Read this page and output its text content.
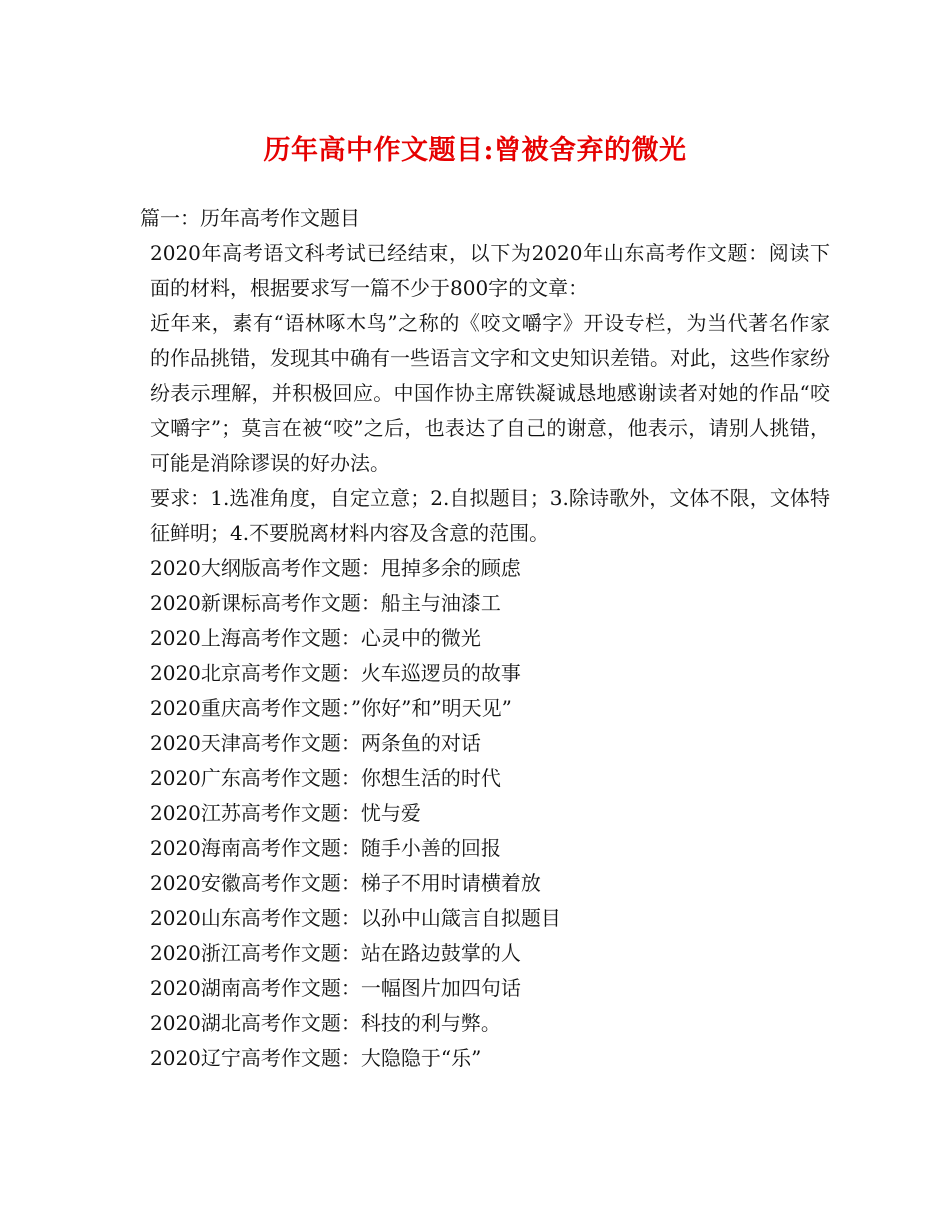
历年高中作文题目:曾被舍弃的微光

篇一：历年高考作文题目

2020年高考语文科考试已经结束，以下为2020年山东高考作文题：阅读下面的材料，根据要求写一篇不少于800字的文章：

近年来，素有“语林啄木鸟”之称的《咬文嚼字》开设专栏，为当代著名作家的作品挑错，发现其中确有一些语言文字和文史知识差错。对此，这些作家纷纷表示理解，并积极回应。中国作协主席铁凝诚恳地感谢读者对她的作品“咬文嚼字”；莫言在被“咬”之后，也表达了自己的谢意，他表示，请别人挑错，可能是消除谬误的好办法。

要求：1.选准角度，自定立意；2.自拟题目；3.除诗歌外，文体不限，文体特征鲜明；4.不要脱离材料内容及含意的范围。

2020大纲版高考作文题：甩掉多余的顾虑

2020新课标高考作文题：船主与油漆工

2020上海高考作文题：心灵中的微光

2020北京高考作文题：火车巡逻员的故事

2020重庆高考作文题：”你好”和”明天见”

2020天津高考作文题：两条鱼的对话

2020广东高考作文题：你想生活的时代

2020江苏高考作文题：忧与爱

2020海南高考作文题：随手小善的回报

2020安徽高考作文题：梯子不用时请横着放

2020山东高考作文题：以孙中山箴言自拟题目

2020浙江高考作文题：站在路边鼓掌的人

2020湖南高考作文题：一幅图片加四句话

2020湖北高考作文题：科技的利与弊。

2020辽宁高考作文题：大隐隐于“乐”
